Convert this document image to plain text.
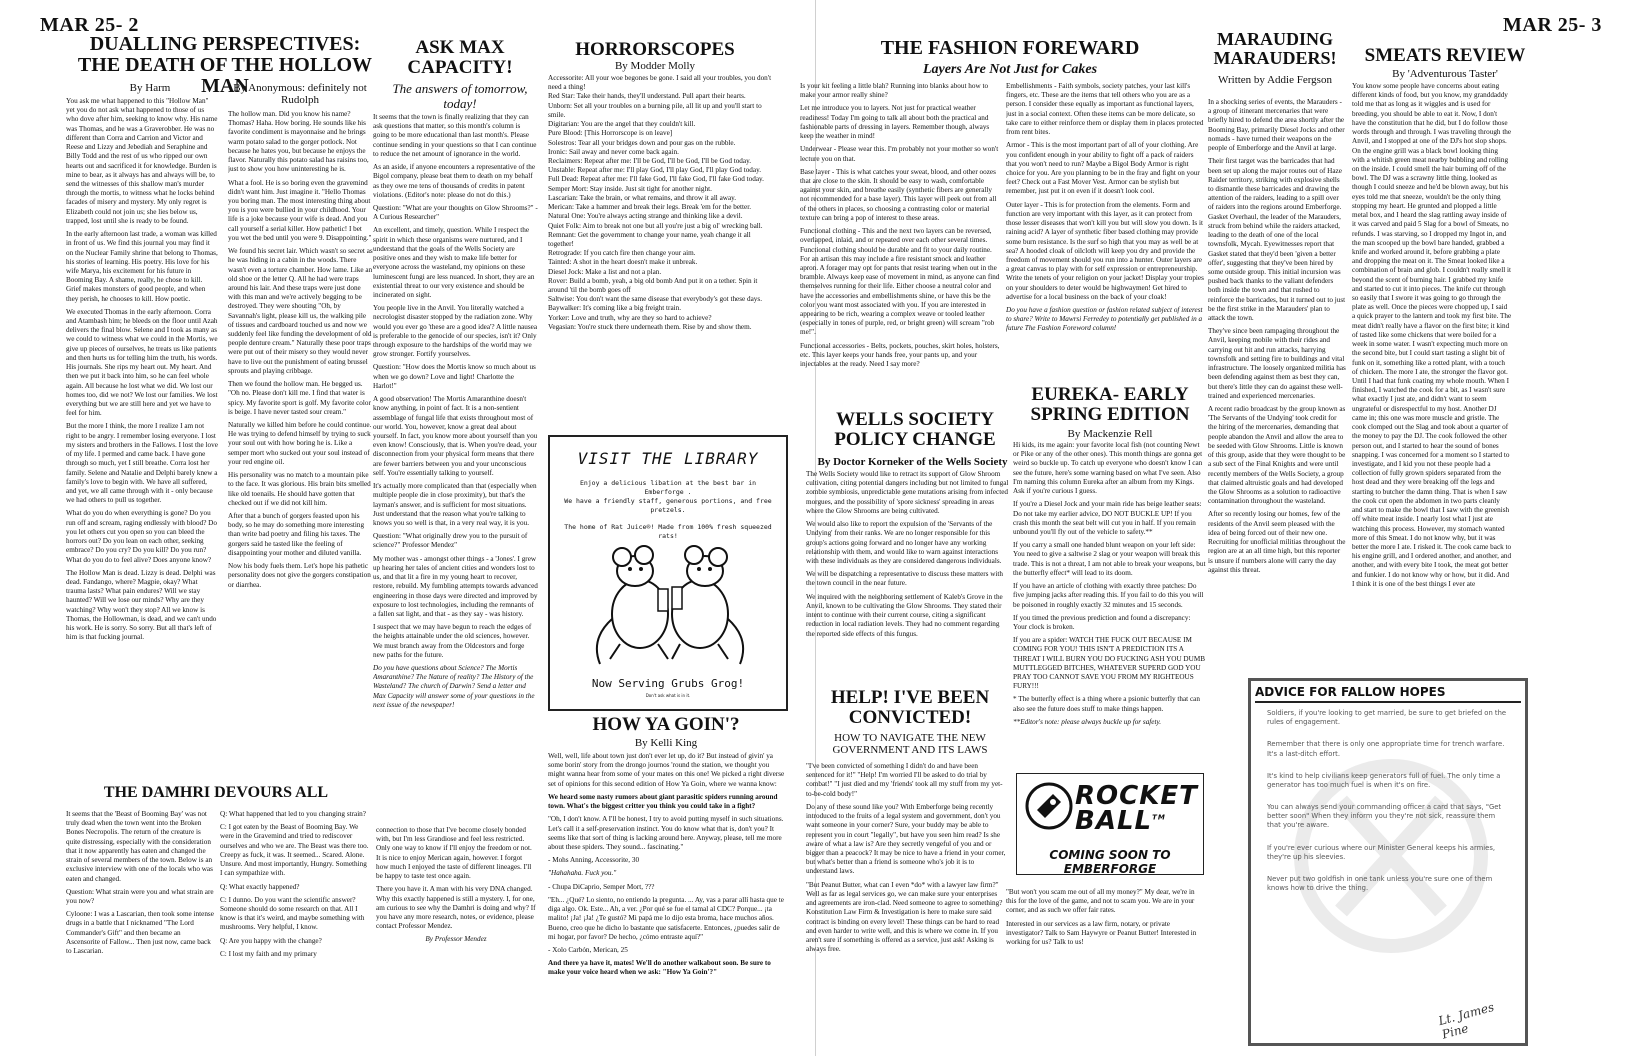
MAR 25- 2	MAR 25- 3
DUALLING PERSPECTIVES: THE DEATH OF THE HOLLOW MAN
By Harm	By Anonymous: definitely not Rudolph

You ask me what happened to this "Hollow Man" yet you do not ask what happened to those of us who dove after him, seeking to know why. His name was Thomas, and he was a Graverobber. He was no different than Corra and Carrion and Victor and Reese and Lizzy and Jebediah and Seraphine and Billy Todd and the rest of us who ripped our own hearts out and sacrificed it for knowledge. Burden is mine to bear, as it always has and always will be, to send the witnesses of this shallow man's murder through the mortis, to witness what he locks behind facades of misery and mystery. My only regret is Elizabeth could not join us; she lies below us, trapped, lost until she is ready to be found.

In the early afternoon last trade, a woman was killed in front of us. We find this journal you may find it on the Nuclear Family shrine that belong to Thomas, his stories of learning. His poetry. His love for his wife Marya, his excitement for his future in Booming Bay. A shame, really, he chose to kill. Grief makes monsters of good people, and when they perish, he chooses to kill. How poetic.

We executed Thomas in the early afternoon. Corra and Atambash him; he bleeds on the floor until Azah delivers the final blow. Selene and I took as many as we could to witness what we could in the Mortis, we give up pieces of ourselves, he treats us like patients and then hurts us for telling him the truth, his words. His journals. She rips my heart out. My heart. And then we put it back into him, so he can feel whole again. All because he lost what we did. We lost our homes too, did we not? We lost our families. We lost everything but we are still here and yet we have to feel for him.

But the more I think, the more I realize I am not right to be angry. I remember losing everyone. I lost my sisters and brothers in the Fallows. I lost the love of my life. I permed and came back. I have gone through so much, yet I still breathe. Corra lost her family. Selene and Natalie and Delphi barely knew a family's love to begin with. We have all suffered, and yet, we all came through with it - only because we had others to pull us together.

What do you do when everything is gone? Do you run off and scream, raging endlessly with blood? Do you let others cut you open so you can bleed the horrors out? Do you lean on each other, seeking embrace? Do you cry? Do you kill? Do you run? What do you do to feel alive? Does anyone know?

The Hollow Man is dead. Lizzy is dead. Delphi was dead. Fandango, where? Magpie, okay? What trauma lasts? What pain endures? Will we stay haunted? Will we lose our minds? Why are they watching? Why won't they stop? All we know is Thomas, the Hollowman, is dead, and we can't undo his work. He is sorry. So sorry. But all that's left of him is that fucking journal.

The hollow man. Did you know his name? Thomas? Haha. How boring. He sounds like his favorite condiment is mayonnaise and he brings warm potato salad to the gorger potlock. Not because he hates you, but because he enjoys the flavor. Naturally this potato salad has raisins too, just to show you how uninteresting he is.

What a fool. He is so boring even the gravemind didn't want him. Just imagine it. "Hello Thomas you boring man. The most interesting thing about you is you were bullied in your childhood. Your life is a joke because your wife is dead. And you call yourself a serial killer. How pathetic! I bet you wet the bed until you were 9. Disappointing."

We found his secret lair. Which wasn't so secret as he was hiding in a cabin in the woods. There wasn't even a torture chamber. How lame. Like an old shoe or the letter Q. All he had were traps around his lair. And these traps were just done with this man and we're actively begging to be destroyed. They were shouting "Oh, by Savannah's light, please kill us, the walking pile of tissues and cardboard touched us and now we suddenly feel like funding the development of old people denture cream." Naturally these poor traps were put out of their misery so they would never have to live out the punishment of eating brussel sprouts and playing cribbage.

Then we found the hollow man. He begged us. "Oh no. Please don't kill me. I find that water is spicy. My favorite sport is golf. My favorite color is beige. I have never tasted sour cream."

Naturally we killed him before he could continue. He was trying to defend himself by trying to suck your soul out with how boring he is. Like a semper mort who sucked out your soul instead of your red engine oil.

His personality was no match to a mountain pike to the face. It was glorious. His brain bits smelled like old toenails. He should have gotten that checked out if we did not kill him.

After that a bunch of gorgers feasted upon his body, so he may do something more interesting than write bad poetry and filing his taxes. The gorgers said he tasted like the feeling of disappointing your mother and diluted vanilla.

Now his body fuels them. Let's hope his pathetic personality does not give the gorgers constipation or diarrhea.

ASK MAX CAPACITY!
The answers of tomorrow, today!

It seems that the town is finally realizing that they can ask questions that matter, so this month's column is going to be more educational than last month's. Please continue sending in your questions so that I can continue to reduce the net amount of ignorance in the world.

As an aside, if anyone encounters a representative of the Bigol company, please beat them to death on my behalf as they owe me tens of thousands of credits in patent violations. (Editor's note: please do not do this.)

Question: "What are your thoughts on Glow Shrooms?" - A Curious Researcher"

An excellent, and timely, question. While I respect the spirit in which these organisms were nurtured, and I understand that the goals of the Wells Society are positive ones and they wish to make life better for everyone across the wasteland, my opinions on these luminescent fungi are less nuanced. In short, they are an existential threat to our very existence and should be incinerated on sight.

You people live in the Anvil. You literally watched a necrologist disaster stopped by the radiation zone. Why would you ever go 'these are a good idea'? A little nausea is preferable to the genocide of our species, isn't it? Only through exposure to the hardships of the world may we grow stronger. Fortify yourselves.

Question: "How does the Mortis know so much about us when we go down? Love and light! Charlotte the Harlot!"

A good observation! The Mortis Amaranthine doesn't know anything, in point of fact. It is a non-sentient assemblage of fungal life that exists throughout most of our world. You, however, know a great deal about yourself. In fact, you know more about yourself than you even know! Consciously, that is. When you're dead, your disconnection from your physical form means that there are fewer barriers between you and your unconscious self. You're essentially talking to yourself.

It's actually more complicated than that (especially when multiple people die in close proximity), but that's the layman's answer, and is sufficient for most situations. Just understand that the reason what you're talking to knows you so well is that, in a very real way, it is you.

Question: "What originally drew you to the pursuit of science?" Professor Mendez"

My mother was - amongst other things - a 'Jones'. I grew up hearing her tales of ancient cities and wonders lost to us, and that lit a fire in my young heart to recover, restore, rebuild. My fumbling attempts towards advanced engineering in those days were directed and improved by exposure to lost technologies, including the remnants of a fallen sat light, and that - as they say - was history.

I suspect that we may have begun to reach the edges of the heights attainable under the old sciences, however. We must branch away from the Oldcestors and forge new paths for the future.

Do you have questions about Science? The Mortis Amaranthine? The Nature of reality? The History of the Wasteland? The church of Darwin? Send a letter and Max Capacity will answer some of your questions in the next issue of the newspaper!

HORRORSCOPES
By Modder Molly
Accessorite: All your woe begones be gone. I said all your troubles, you don't need a thing!
Red Star: Take their hands, they'll understand. Pull apart their hearts.
Unborn: Set all your troubles on a burning pile, all lit up and you'll start to smile.
Digitarian: You are the angel that they couldn't kill.
Pure Blood: [This Horrorscope is on leave]
Solestros: Tear all your bridges down and pour gas on the rubble.
Ironic: Sail away and never come back again.
Reclaimers: Repeat after me: I'll be God, I'll be God, I'll be God today.
Unstable: Repeat after me: I'll play God, I'll play God, I'll play God today.
Full Dead: Repeat after me: I'll fake God, I'll fake God, I'll fake God today.
Semper Mort: Stay inside. Just sit tight for another night.
Lascarian: Take the brain, or what remains, and throw it all away.
Merican: Take a hammer and break their legs. Break 'em for the better.
Natural One: You're always acting strange and thinking like a devil.
Quiet Folk: Aim to break not one but all you're just a big ol' wrecking ball.
Remnant: Get the government to change your name, yeah change it all together!
Retrograde: If you catch fire then change your aim.
Tainted: A shot in the heart doesn't make it unbreak.
Diesel Jock: Make a list and not a plan.
Rover: Build a bomb, yeah, a big old bomb And put it on a tether. Spin it around 'til the bomb goes off
Saltwise: You don't want the same disease that everybody's got these days.
Baywalker: It's coming like a big freight train.
Yorker: Love and truth, why are they so hard to achieve?
Vegasian: You're stuck there underneath them. Rise by and show them.
VISIT THE LIBRARY
Enjoy a delicious libation at the best bar in Emberforge .
We have a friendly staff, generous portions, and free pretzels.
The home of Rat Juice®! Made from 100% fresh squeezed rats!
Now Serving Grubs Grog!
Don't ask what is in it.
HOW YA GOIN'?
By Kelli King

Well, well, life about town just don't ever let up, do it? But instead of givin' ya some borin' story from the drongo journos 'round the station, we thought you might wanna hear from some of your mates on this one! We picked a right diverse set of opinions for this second edition of How Ya Goin, where we wanna know:

We heard some nasty rumors about giant parasitic spiders running around town. What's the biggest critter you think you could take in a fight?

"Oh, I don't know. A I'll be honest, I try to avoid putting myself in such situations. Let's call it a self-preservation instinct. You do know what that is, don't you? It seems like that sort of thing is lacking around here. Anyway, please, tell me more about these spiders. They sound... fascinating."

- Mohs Anning, Accessorite, 30

"Hahahaha. Fuck you."

- Chupa DiCaprio, Semper Mort, ???

"Eh... ¿Qué? Lo siento, no entiendo la pregunta. ... Ay, vas a parar allí hasta que te diga algo. Ok. Este... Ah, a ver. ¿Por qué se fue el tamal al CDC? Porque... ¡ta malito! ¡Ja! ¡Ja! ¿Te gustó? Mi papá me lo dijo esta broma, hace muchos años. Bueno, creo que he dicho lo bastante que satisfacerte. Entonces, ¿puedes salir de mi hogar, por favor? De hecho, ¿cómo entraste aquí?"

- Xolo Carbón, Merican, 25

And there ya have it, mates! We'll do another walkabout soon. Be sure to make your voice heard when we ask: "How Ya Goin'?"

THE DAMHRI DEVOURS ALL

It seems that the 'Beast of Booming Bay' was not truly dead when the town went into the Broken Bones Necropolis. The return of the creature is quite distressing, especially with the consideration that it now apparently has eaten and changed the strain of several members of the town. Below is an exclusive interview with one of the locals who was eaten and changed.

Question: What strain were you and what strain are you now?

Cyloone: I was a Lascarian, then took some intense drugs in a battle that I nicknamed "The Lord Commander's Gift" and then became an Ascensorite of Fallow... Then just now, came back to Lascarian.

Q: What happened that led to you changing strain?

C: I got eaten by the Beast of Booming Bay. We were in the Gravemind and tried to rediscover ourselves and who we are. The Beast was there too. Creepy as fuck, it was. It seemed... Scared. Alone. Unsure. And most importantly, Hungry. Something I can sympathize with.

Q: What exactly happened?

C: I dunno. Do you want the scientific answer? Someone should do some research on that. All I know is that it's weird, and maybe something with mushrooms. Very helpful, I know.

Q: Are you happy with the change?

C: I lost my faith and my primary

connection to those that I've become closely bonded with, but I'm less Grandiose and feel less restricted. Only one way to know if I'll enjoy the freedom or not. It is nice to enjoy Merican again, however. I forgot how much I enjoyed the taste of different lineages. I'll be happy to taste test once again.

There you have it. A man with his very DNA changed. Why this exactly happened is still a mystery. I, for one, am curious to see why the Damhri is doing and why? If you have any more research, notes, or evidence, please contact Professor Mendez.

By Professor Mendez

THE FASHION FOREWARD
Layers Are Not Just for Cakes

Is your kit feeling a little blah? Running into blanks about how to make your armor really shine?

Let me introduce you to layers. Not just for practical weather readiness! Today I'm going to talk all about both the practical and fashionable parts of dressing in layers. Remember though, always keep the weather in mind!

Underwear - Please wear this. I'm probably not your mother so won't lecture you on that.

Base layer - This is what catches your sweat, blood, and other oozes that are close to the skin. It should be easy to wash, comfortable against your skin, and breathe easily (synthetic fibers are generally not recommended for a base layer). This layer will peek out from all of the others in places, so choosing a contrasting color or material texture can bring a pop of interest to these areas.

Functional clothing - This and the next two layers can be reversed, overlapped, inlaid, and or repeated over each other several times. Functional clothing should be durable and fit to your daily routine. For an artisan this may include a fire resistant smock and leather apron. A forager may opt for pants that resist tearing when out in the bramble. Always keep ease of movement in mind, as anyone can find themselves running for their life. Either choose a neutral color and have the accessories and embellishments shine, or have this be the color you want most associated with you. If you are interested in appearing to be rich, wearing a complex weave or tooled leather (especially in tones of purple, red, or bright green) will scream "rob me!".

Functional accessories - Belts, pockets, pouches, skirt holes, holsters, etc. This layer keeps your hands free, your pants up, and your injectables at the ready. Need I say more?

Embellishments - Faith symbols, society patches, your last kill's fingers, etc. These are the items that tell others who you are as a person. I consider these equally as important as functional layers, just in a social context. Often these items can be more delicate, so take care to either reinforce them or display them in places protected from rent bites.

Armor - This is the most important part of all of your clothing. Are you confident enough in your ability to fight off a pack of raiders that you won't need to run? Maybe a Bigol Body Armor is right choice for you. Are you planning to be in the fray and fight on your feet? Check out a Fast Mover Vest. Armor can be stylish but remember, just put it on even if it doesn't look cool.

Outer layer - This is for protection from the elements. Form and function are very important with this layer, as it can protect from those lesser diseases that won't kill you but will slow you down. Is it raining acid? A layer of synthetic fiber based clothing may provide some burn resistance. Is the surf so high that you may as well be at sea? A hooded cloak of oilcloth will keep you dry and provide the freedom of movement should you run into a hunter. Outer layers are a great canvas to play with for self expression or entrepreneurship. Write the tenets of your religion on your jacket! Display your tropies on your shoulders to deter would be highwaymen! Get hired to advertise for a local business on the back of your cloak!

Do you have a fashion question or fashion related subject of interest to share? Write to Mawrsi Ferredey to potentially get published in a future The Fashion Foreword column!

WELLS SOCIETY POLICY CHANGE
By Doctor Korneker of the Wells Society

The Wells Society would like to retract its support of Glow Shroom cultivation, citing potential dangers including but not limited to fungal zombie symbiosis, unpredictable gene mutations arising from infected morgues, and the possibility of 'spore sickness' spreading in areas where the Glow Shrooms are being cultivated.

We would also like to report the expulsion of the 'Servants of the Undying' from their ranks. We are no longer responsible for this group's actions going forward and no longer have any working relationship with them, and would like to warn against interactions with these individuals as they are considered dangerous individuals.

We will be dispatching a representative to discuss these matters with the town council in the near future.

We inquired with the neighboring settlement of Kaleb's Grove in the Anvil, known to be cultivating the Glow Shrooms. They stated their intent to continue with their current course, citing a significant reduction in local radiation levels. They had no comment regarding the reported side effects of this fungus.

HELP! I'VE BEEN CONVICTED!
HOW TO NAVIGATE THE NEW GOVERNMENT AND ITS LAWS

"I've been convicted of something I didn't do and have been sentenced for it!" "Help! I'm worried I'll be asked to do trial by combat!" "I just died and my 'friends' took all my stuff from my yet-to-be-cold body!"

Do any of these sound like you? With Emberforge being recently introduced to the fruits of a legal system and government, don't you want someone in your corner? Sure, your buddy may be able to represent you in court "legally", but have you seen him read? Is she aware of what a law is? Are they secretly vengeful of you and or bigger than a peacock? It may be nice to have a friend in your corner, but what's better than a friend is someone who's job it is to understand laws.

"But Peanut Butter, what can I even *do* with a lawyer law firm?" Well as far as legal services go, we can make sure your enterprises and agreements are iron-clad. Need someone to agree to something? Konstitution Law Firm & Investigation is here to make sure said contract is binding on every level! These things can be hard to read and even harder to write well, and this is where we come in. If you aren't sure if something is offered as a service, just ask! Asking is always free.

ROCKET BALL™
COMING SOON TO EMBERFORGE

"But won't you scam me out of all my money?" My dear, we're in this for the love of the game, and not to scam you. We are in your corner, and as such we offer fair rates.

Interested in our services as a law firm, notary, or private investigator? Talk to Sam Haywyre or Peanut Butter! Interested in working for us? Talk to us!

EUREKA- EARLY SPRING EDITION
By Mackenzie Rell

Hi kids, its me again: your favorite local fish (not counting Newt or Pike or any of the other ones). This month things are gonna get weird so buckle up. To catch up everyone who doesn't know I can see the future, here's some warning based on what I've seen. Also I'm naming this column Eureka after an album from my Kings. Ask if you're curious I guess.

If you're a Diesel Jock and your main ride has beige leather seats: Do not take my earlier advice, DO NOT BUCKLE UP! If you crash this month the seat belt will cut you in half. If you remain unbound you'll fly out of the vehicle to safety.**

If you carry a small one handed blunt weapon on your left side: You need to give a saltwise 2 slag or your weapon will break this trade. This is not a threat, I am not able to break your weapons, but the butterfly effect* will lead to its doom.

If you have an article of clothing with exactly three patches: Do five jumping jacks after reading this. If you fail to do this you will be poisoned in roughly exactly 32 minutes and 15 seconds.

If you timed the previous prediction and found a discrepancy: Your clock is broken.

If you are a spider: WATCH THE FUCK OUT BECAUSE IM COMING FOR YOU! THIS ISN'T A PREDICTION ITS A THREAT I WILL BURN YOU DO FUCKING ASH YOU DUMB MUTTLEGGED BITCHES, WHATEVER SUPERD GOD YOU PRAY TOO CANNOT SAVE YOU FROM MY RIGHTEOUS FURY!!!

* The butterfly effect is a thing where a psionic butterfly that can also see the future does stuff to make things happen.

**Editor's note: please always buckle up for safety.

MARAUDING MARAUDERS!
Written by Addie Fergson

In a shocking series of events, the Marauders - a group of itinerant mercenaries that were briefly hired to defend the area shortly after the Booming Bay, primarily Diesel Jocks and other nomads - have turned their weapons on the people of Emberforge and the Anvil at large.

Their first target was the barricades that had been set up along the major routes out of Haze Raider territory, striking with explosive shells to dismantle these barricades and drawing the attention of the raiders, leading to a spill over of raiders into the regions around Emberforge. Gasket Overhaul, the leader of the Marauders, struck from behind while the raiders attacked, leading to the death of one of the local townsfolk, Mycah. Eyewitnesses report that Gasket stated that they'd been 'given a better offer', suggesting that they've been hired by some outside group. This initial incursion was pushed back thanks to the valiant defenders both inside the town and that rushed to reinforce the barricades, but it turned out to just be the first strike in the Marauders' plan to attack the town.

They've since been rampaging throughout the Anvil, keeping mobile with their rides and carrying out hit and run attacks, harrying townsfolk and setting fire to buildings and vital infrastructure. The loosely organized militia has been defending against them as best they can, but there's little they can do against these well-trained and experienced mercenaries.

A recent radio broadcast by the group known as 'The Servants of the Undying' took credit for the hiring of the mercenaries, demanding that people abandon the Anvil and allow the area to be seeded with Glow Shrooms. Little is known of this group, aside that they were thought to be a sub sect of the Final Knights and were until recently members of the Wells Society, a group that claimed altruistic goals and had developed the Glow Shrooms as a solution to radioactive contamination throughout the wasteland.

After so recently losing our homes, few of the residents of the Anvil seem pleased with the idea of being forced out of their new one. Recruiting for unofficial militias throughout the region are at an all time high, but this reporter is unsure if numbers alone will carry the day against this threat.

SMEATS REVIEW
By 'Adventurous Taster'

You know some people have concerns about eating different kinds of food, but you know, my granddaddy told me that as long as it wiggles and is used for breeding, you should be able to eat it. Now, I don't have the constitution that he did, but I do follow those words through and through. I was traveling through the Anvil, and I stopped at one of the DJ's hot slop shops. On the engine grill was a black bowl looking thing with a whitish green meat nearby bubbling and rolling on the inside. I could smell the hair burning off of the bowl. The DJ was a scrawny little thing, looked as though I could sneeze and he'd be blown away, but his eyes told me that sneeze, wouldn't be the only thing stopping my heart. He grunted and plopped a little metal box, and I heard the slag rattling away inside of it was carved and paid 5 Slag for a bowl of Smeats, no refunds. I was starving, so I dropped my Ingot in, and the man scooped up the bowl bare handed, grabbed a knife and worked around it, before grabbing a plate and dropping the meat on it. The Smeat looked like a combination of brain and glob. I couldn't really smell it beyond the scent of burning hair. I grabbed my knife and started to cut it into pieces. The knife cut through so easily that I swore it was going to go through the plate as well. Once the pieces were chopped up, I said a quick prayer to the lantern and took my first bite. The meat didn't really have a flavor on the first bite; it kind of tasted like some chickens that were boiled for a week in some water. I wasn't expecting much more on the second bite, but I could start tasting a slight bit of funk on it, something like a rotted plant, with a touch of chicken. The more I ate, the stronger the flavor got. Until I had that funk coating my whole mouth. When I finished, I watched the cook for a bit, as I wasn't sure what exactly I just ate, and didn't want to seem ungrateful or disrespectful to my host. Another DJ came in; this one was more muscle and gristle. The cook clomped out the Slag and took about a quarter of the money to pay the DJ. The cook followed the other person out, and I started to hear the sound of bones snapping. I was concerned for a moment so I started to investigate, and I kid you not these people had a collection of fully grown spiders separated from the host dead and they were breaking off the legs and starting to butcher the damn thing. That is when I saw the cook cut open the abdomen in two parts cleanly and start to make the bowl that I saw with the greenish off white meat inside. I nearly lost what I just ate watching this process. However, my stomach wanted more of this Smeat. I do not know why, but it was better the more I ate. I risked it. The cook came back to his engine grill, and I ordered another, and another, and another, and with every bite I took, the meat got better and funkier. I do not know why or how, but it did. And I think it is one of the best things I ever ate

ADVICE FOR FALLOW HOPES

Soldiers, if you're looking to get married, be sure to get briefed on the rules of engagement.

Remember that there is only one appropriate time for trench warfare. It's a last-ditch effort.

It's kind to help civilians keep generators full of fuel. The only time a generator has too much fuel is when it's on fire.

You can always send your commanding officer a card that says, "Get better soon" When they inform you they're not sick, reassure them that you're aware.

If you're ever curious where our Minister General keeps his armies, they're up his sleevies.

Never put two goldfish in one tank unless you're sure one of them knows how to drive the thing.

Lt. James Pine
